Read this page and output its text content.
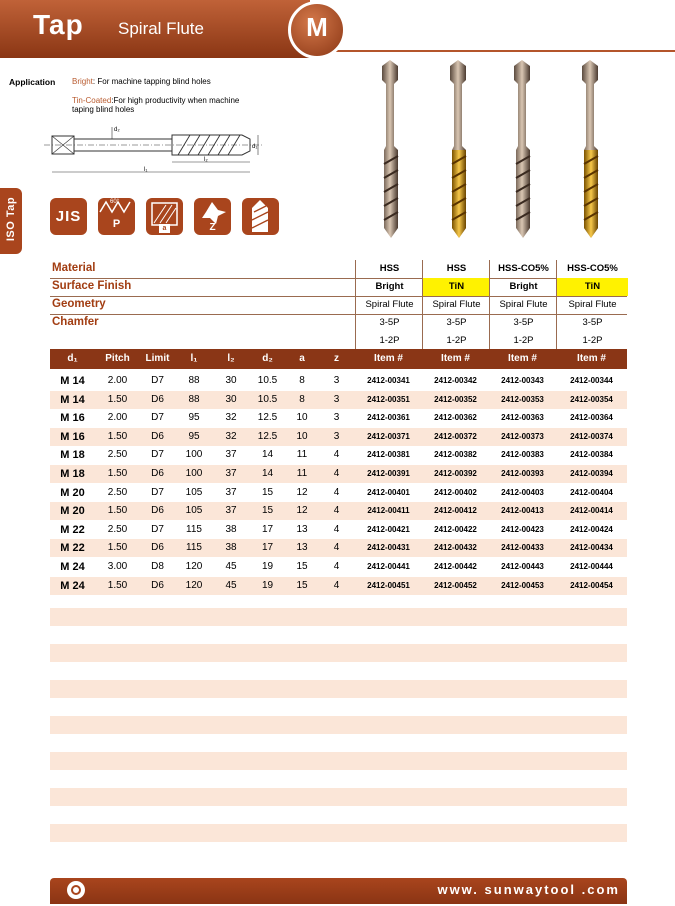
Tap Spiral Flute	M
ISO Tap
Application Bright: For machine tapping blind holes
Tin-Coated:For high productivity when machine
taping blind holes
d₂
d₁
l₂
l₁
JIS
60°
P	a	Z
Material	HSS	HSS	HSS-CO5%	HSS-CO5%
Surface Finish	Bright	TiN	Bright	TiN
Geometry	Spiral Flute	Spiral Flute	Spiral Flute	Spiral Flute
Chamfer	3-5P	3-5P	3-5P	3-5P
1-2P	1-2P	1-2P	1-2P
d₁	Pitch	Limit	l₁	l₂	d₂	a	z	Item #	Item #	Item #	Item #
M 14	2.00	D7	88	30	10.5	8	3	2412-00341	2412-00342	2412-00343	2412-00344
M 14	1.50	D6	88	30	10.5	8	3	2412-00351	2412-00352	2412-00353	2412-00354
M 16	2.00	D7	95	32	12.5	10	3	2412-00361	2412-00362	2412-00363	2412-00364
M 16	1.50	D6	95	32	12.5	10	3	2412-00371	2412-00372	2412-00373	2412-00374
M 18	2.50	D7	100	37	14	11	4	2412-00381	2412-00382	2412-00383	2412-00384
M 18	1.50	D6	100	37	14	11	4	2412-00391	2412-00392	2412-00393	2412-00394
M 20	2.50	D7	105	37	15	12	4	2412-00401	2412-00402	2412-00403	2412-00404
M 20	1.50	D6	105	37	15	12	4	2412-00411	2412-00412	2412-00413	2412-00414
M 22	2.50	D7	115	38	17	13	4	2412-00421	2412-00422	2412-00423	2412-00424
M 22	1.50	D6	115	38	17	13	4	2412-00431	2412-00432	2412-00433	2412-00434
M 24	3.00	D8	120	45	19	15	4	2412-00441	2412-00442	2412-00443	2412-00444
M 24	1.50	D6	120	45	19	15	4	2412-00451	2412-00452	2412-00453	2412-00454
www. sunwaytool .com
